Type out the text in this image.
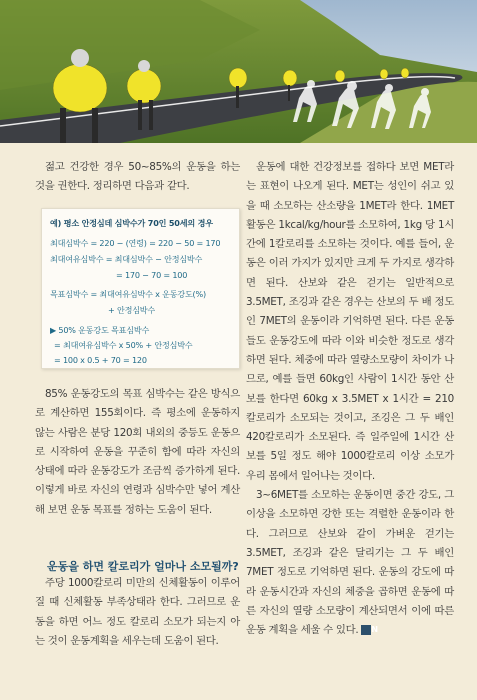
젊고 건강한 경우 50~85%의 운동을 하는 것을 권한다. 정리하면 다음과 같다.

예) 평소 안정심데 심박수가 70인 50세의 경우
최대심박수 = 220 − (연령) = 220 − 50 = 170
최대여유심박수 = 최대심박수 − 안정심박수
= 170 − 70 = 100
목표심박수 = 최대여유심박수 x 운동강도(%)
+ 안정심박수
▶ 50% 운동강도 목표심박수
= 최대여유심박수 x 50% + 안정심박수
= 100 x 0.5 + 70 = 120

85% 운동강도의 목표 심박수는 같은 방식으로 계산하면 155회이다. 즉 평소에 운동하지 않는 사람은 분당 120회 내외의 중등도 운동으로 시작하여 운동을 꾸준히 함에 따라 자신의 상태에 따라 운동강도가 조금씩 증가하게 된다. 이렇게 바로 자신의 연령과 심박수만 넣어 계산해 보면 운동 목표를 정하는 도움이 된다.

운동을 하면 칼로리가 얼마나 소모될까?

주당 1000칼로리 미만의 신체활동이 이루어질 때 신체활동 부족상태라 한다. 그러므로 운동을 하면 어느 정도 칼로리 소모가 되는지 아는 것이 운동계획을 세우는데 도움이 된다.

운동에 대한 건강정보를 접하다 보면 MET라는 표현이 나오게 된다. MET는 성인이 쉬고 있을 때 소모하는 산소량을 1MET라 한다. 1MET 활동은 1kcal/kg/hour를 소모하여, 1kg 당 1시간에 1칼로리를 소모하는 것이다. 예를 들어, 운동은 이러 가지가 있지만 크게 두 가지로 생각하면 된다. 산보와 같은 걷기는 일반적으로 3.5MET, 조깅과 같은 경우는 산보의 두 배 정도인 7MET의 운동이라 기억하면 된다. 다른 운동들도 운동강도에 따라 이와 비슷한 정도로 생각하면 된다. 체중에 따라 열량소모량이 차이가 나므로, 예를 들면 60kg인 사람이 1시간 동안 산보를 한다면 60kg x 3.5MET x 1시간 = 210칼로리가 소모되는 것이고, 조깅은 그 두 배인 420칼로리가 소모된다. 즉 일주일에 1시간 산보를 5일 정도 해야 1000칼로리 이상 소모가 우리 몸에서 일어나는 것이다.

3~6MET를 소모하는 운동이면 중간 강도, 그 이상을 소모하면 강한 또는 격렬한 운동이라 한다. 그러므로 산보와 같이 가벼운 걷기는 3.5MET, 조깅과 같은 달리기는 그 두 배인 7MET 정도로 기억하면 된다. 운동의 강도에 따라 운동시간과 자신의 체중을 곱하면 운동에 따른 자신의 열량 소모량이 계산되면서 이에 따른 운동 계획을 세울 수 있다. N
